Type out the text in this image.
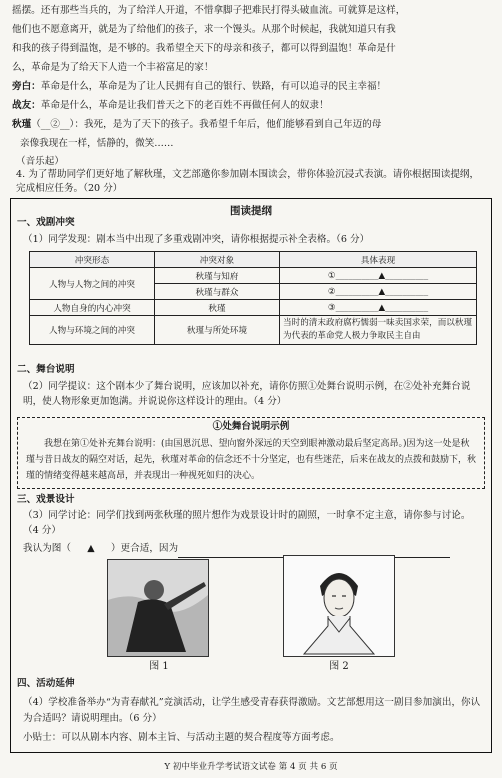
摇摆。还有那些当兵的，为了给洋人开道，不惜拿脚子把难民打得头破血流。可就算是这样，
他们也不愿意离开，就是为了给他们的孩子，求一个馒头。从那个时候起，我就知道只有我
和我的孩子得到温饱，是不够的。我希望全天下的母亲和孩子，都可以得到温饱！革命是什
么，革命是为了给天下人造一个丰裕富足的家！
旁白：革命是什么，革命是为了让人民拥有自己的银行、铁路，有可以追寻的民主幸福！
战友：革命是什么，革命是让我们普天之下的老百姓不再做任何人的奴隶！
秋瑾（__②__）：我死，是为了天下的孩子。我希望千年后，他们能够看到自己年迈的母
亲像我现在一样，恬静的，微笑……
（音乐起）
4. 为了帮助同学们更好地了解秋瑾，文艺部邀你参加剧本围读会，带你体验沉浸式表演。请你根据围读提纲，完成相应任务。（20 分）
围读提纲
一、戏剧冲突
（1）同学发现：剧本当中出现了多重戏剧冲突，请你根据提示补全表格。（6 分）
冲突形态	冲突对象	具体表现
人物与人物之间的冲突	秋瑾与知府	①__________▲__________
	秋瑾与群众	②__________▲__________
人物自身的内心冲突	秋瑾	③__________▲__________
人物与环境之间的冲突	秋瑾与所处环境	当时的清末政府腐朽懦弱一味卖国求荣，而以秋瑾为代表的革命党人极力争取民主自由
二、舞台说明
（2）同学提议：这个剧本少了舞台说明，应该加以补充，请你仿照①处舞台说明示例，在②处补充舞台说明，使人物形象更加饱满。并说说你这样设计的理由。（4 分）
①处舞台说明示例
我想在第①处补充舞台说明：(由国恩沉思、望向窗外深远的天空到眼神激动最后坚定高昂。)因为这一处是秋瑾与昔日战友的隔空对话，起先，秋瑾对革命的信念还不十分坚定，也有些迷茫，后来在战友的点拨和鼓励下，秋瑾的情绪变得越来越高昂，并表现出一种视死如归的决心。
三、戏景设计
（3）同学讨论：同学们找到两张秋瑾的照片想作为戏景设计时的剧照，一时拿不定主意，请你参与讨论。（4 分）
我认为图（ ▲ ）更合适，因为
图 1	图 2
四、活动延伸
（4）学校准备举办“为青春献礼”竞演活动，让学生感受青春获得激励。文艺部想用这一剧目参加演出，你认为合适吗？请说明理由。（6 分）
小贴士：可以从剧本内容、剧本主旨、与活动主题的契合程度等方面考虑。
Y 初中毕业升学考试语文试卷 第 4 页 共 6 页
